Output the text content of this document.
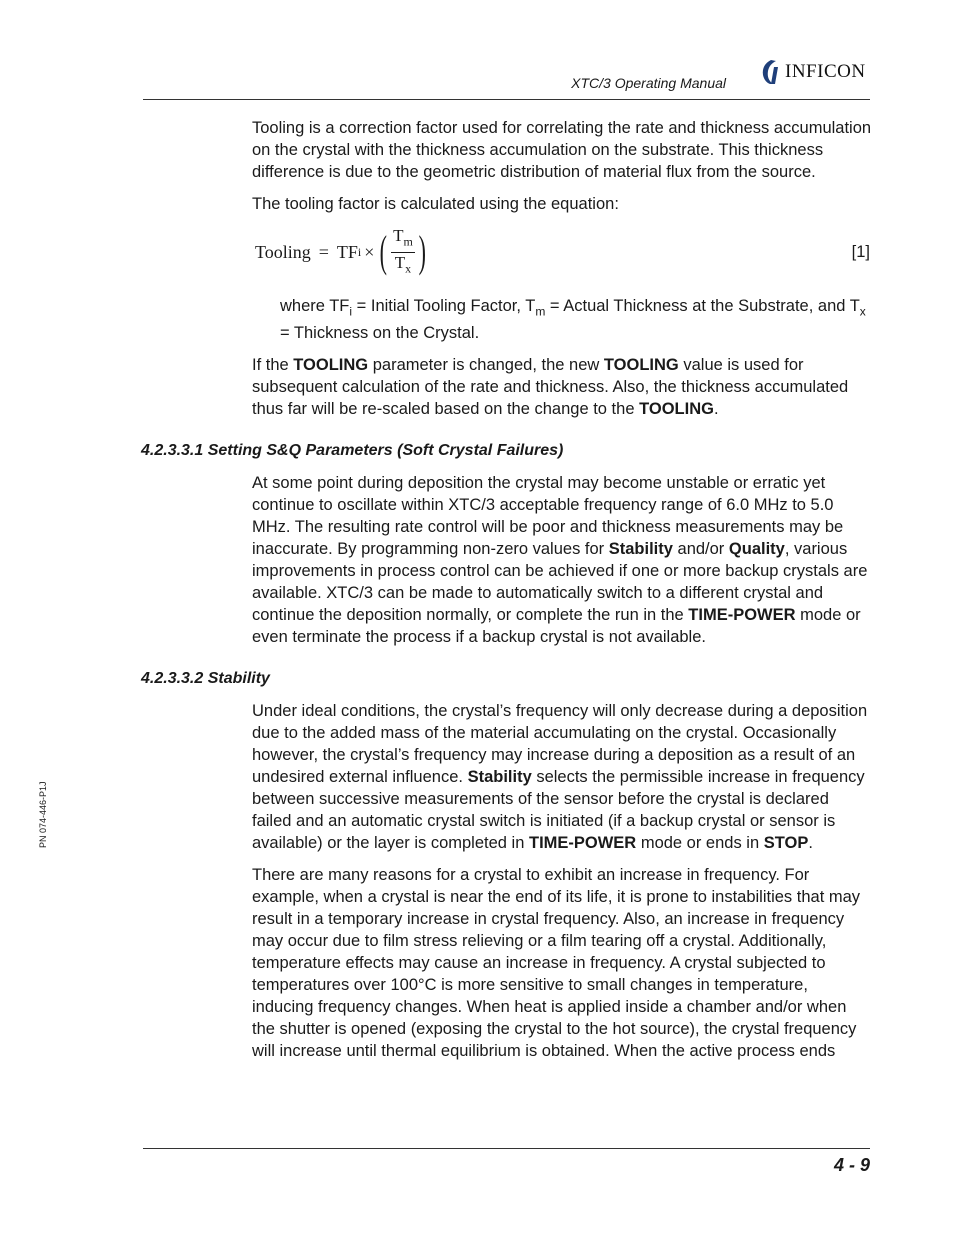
XTC/3 Operating Manual
INFICON

Tooling is a correction factor used for correlating the rate and thickness accumulation on the crystal with the thickness accumulation on the substrate. This thickness difference is due to the geometric distribution of material flux from the source.

The tooling factor is calculated using the equation:

Tooling = TF i × ( $\frac{T_m}{T_x}$ )	[1]

where $TF_i$ = Initial Tooling Factor, $T_m$ = Actual Thickness at the Substrate, and $T_x$ = Thickness on the Crystal.

If the TOOLING parameter is changed, the new TOOLING value is used for subsequent calculation of the rate and thickness. Also, the thickness accumulated thus far will be re-scaled based on the change to the TOOLING.

4.2.3.3.1 Setting S&Q Parameters (Soft Crystal Failures)

At some point during deposition the crystal may become unstable or erratic yet continue to oscillate within XTC/3 acceptable frequency range of 6.0 MHz to 5.0 MHz. The resulting rate control will be poor and thickness measurements may be inaccurate. By programming non-zero values for Stability and/or Quality, various improvements in process control can be achieved if one or more backup crystals are available. XTC/3 can be made to automatically switch to a different crystal and continue the deposition normally, or complete the run in the TIME-POWER mode or even terminate the process if a backup crystal is not available.

4.2.3.3.2 Stability

Under ideal conditions, the crystal’s frequency will only decrease during a deposition due to the added mass of the material accumulating on the crystal. Occasionally however, the crystal’s frequency may increase during a deposition as a result of an undesired external influence. Stability selects the permissible increase in frequency between successive measurements of the sensor before the crystal is declared failed and an automatic crystal switch is initiated (if a backup crystal or sensor is available) or the layer is completed in TIME-POWER mode or ends in STOP.

There are many reasons for a crystal to exhibit an increase in frequency. For example, when a crystal is near the end of its life, it is prone to instabilities that may result in a temporary increase in crystal frequency. Also, an increase in frequency may occur due to film stress relieving or a film tearing off a crystal. Additionally, temperature effects may cause an increase in frequency. A crystal subjected to temperatures over 100°C is more sensitive to small changes in temperature, inducing frequency changes. When heat is applied inside a chamber and/or when the shutter is opened (exposing the crystal to the hot source), the crystal frequency will increase until thermal equilibrium is obtained. When the active process ends

PN 074-446-P1J
4 - 9
